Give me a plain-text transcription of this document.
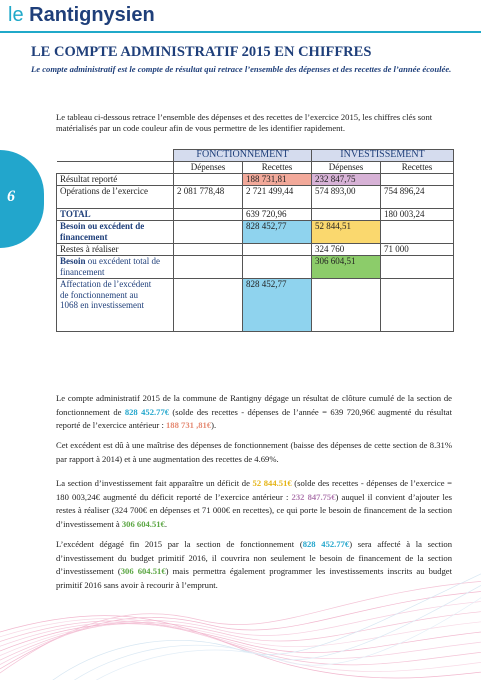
le Rantignysien
LE COMPTE ADMINISTRATIF 2015 EN CHIFFRES
Le compte administratif est le compte de résultat qui retrace l’ensemble des dépenses et des recettes de l’année écoulée.
6
Le tableau ci-dessous retrace l’ensemble des dépenses et des recettes de l’exercice 2015, les chiffres clés sont matérialisés par un code couleur afin de vous permettre de les identifier rapidement.
	FONCTIONNEMENT		INVESTISSEMENT	
	Dépenses	Recettes	Dépenses	Recettes
Résultat reporté		188 731,81	232 847,75	
Opérations de l’exercice	2 081 778,48	2 721 499,44	574 893,00	754 896,24
TOTAL		639 720,96		180 003,24
Besoin ou excédent de financement		828 452,77	52 844,51	
Restes à réaliser			324 760	71 000
Besoin ou excédent total de financement			306 604,51	
Affectation de l’excédent de fonctionnement au 1068 en investissement		828 452,77		
Le compte administratif 2015 de la commune de Rantigny dégage un résultat de clôture cumulé de la section de fonctionnement de 828 452.77€ (solde des recettes - dépenses de l’année = 639 720,96€ augmenté du résultat reporté de l’exercice antérieur : 188 731 ,81€).
Cet excédent est dû à une maîtrise des dépenses de fonctionnement (baisse des dépenses de cette section de 8.31% par rapport à 2014) et à une augmentation des recettes de 4.69%.
La section d’investissement fait apparaître un déficit de 52 844.51€ (solde des recettes - dépenses de l’exercice = 180 003,24€ augmenté du déficit reporté de l’exercice antérieur : 232 847.75€) auquel il convient d’ajouter les restes à réaliser (324 700€ en dépenses et 71 000€ en recettes), ce qui porte le besoin de financement de la section d’investissement à 306 604.51€.
L’excédent dégagé fin 2015 par la section de fonctionnement (828 452.77€) sera affecté à la section d’investissement du budget primitif 2016, il couvrira non seulement le besoin de financement de la section d’investissement (306 604.51€) mais permettra également programmer les investissements inscrits au budget primitif 2016 sans avoir à recourir à l’emprunt.
